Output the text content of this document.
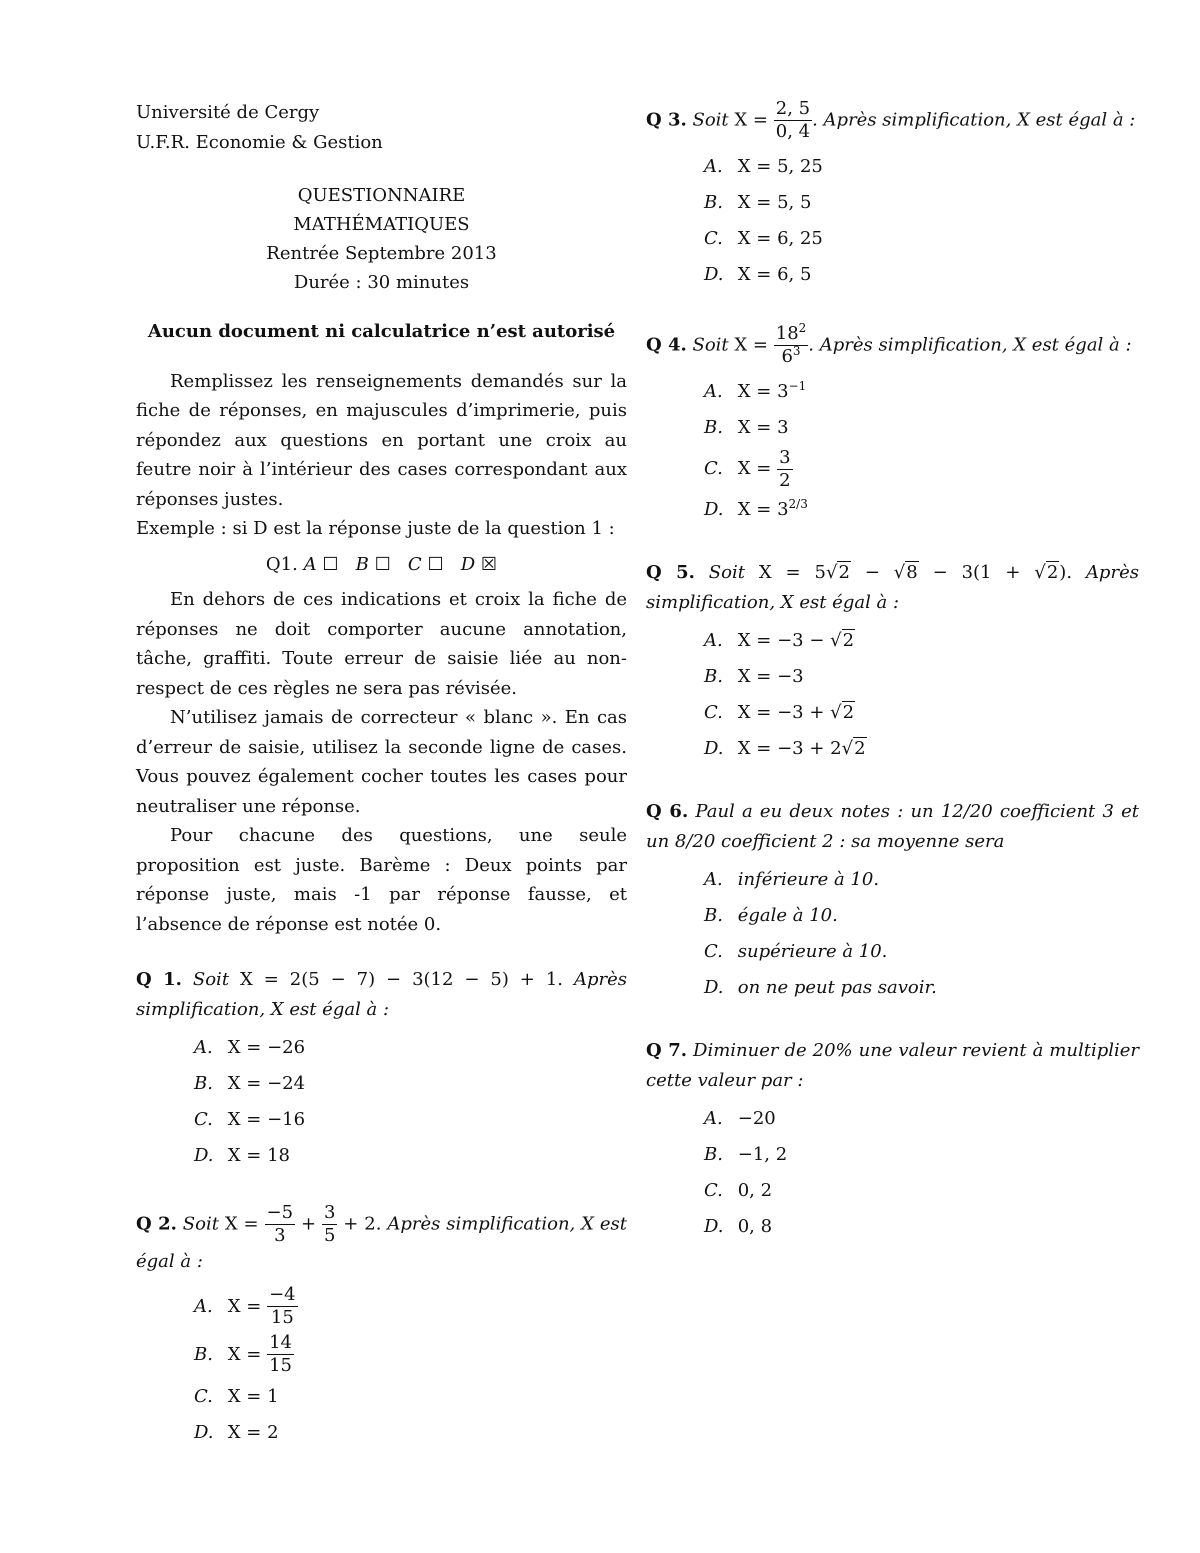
Université de Cergy
U.F.R. Economie & Gestion
QUESTIONNAIRE
MATHÉMATIQUES
Rentrée Septembre 2013
Durée : 30 minutes
Aucun document ni calculatrice n’est autorisé

Remplissez les renseignements demandés sur la fiche de réponses, en majuscules d’imprimerie, puis répondez aux questions en portant une croix au feutre noir à l’intérieur des cases correspondant aux réponses justes.

Exemple : si D est la réponse juste de la question 1 :

Q1. A ☐ B ☐ C ☐ D ☒

En dehors de ces indications et croix la fiche de réponses ne doit comporter aucune annotation, tâche, graffiti. Toute erreur de saisie liée au non-respect de ces règles ne sera pas révisée.

N’utilisez jamais de correcteur « blanc ». En cas d’erreur de saisie, utilisez la seconde ligne de cases. Vous pouvez également cocher toutes les cases pour neutraliser une réponse.

Pour chacune des questions, une seule proposition est juste. Barème : Deux points par réponse juste, mais -1 par réponse fausse, et l’absence de réponse est notée 0.

Q 1. Soit X = 2(5 − 7) − 3(12 − 5) + 1. Après simplification, X est égal à :
A. X = −26
B. X = −24
C. X = −16
D. X = 18
Q 2. Soit $X = \frac{-5}{3} + \frac{3}{5} + 2$. Après simplification, X est égal à :
A. $X = \frac{-4}{15}$
B. $X = \frac{14}{15}$
C. X = 1
D. X = 2
Q 3. Soit $X = \frac{2, 5}{0, 4}$ . Après simplification, X est égal à :
A. X = 5, 25
B. X = 5, 5
C. X = 6, 25
D. X = 6, 5
Q 4. Soit $X = \frac{18^2}{6^3}$ . Après simplification, X est égal à :
A. $X = 3^{-1}$
B. X = 3
C. $X = \frac{3}{2}$
D. $X = 3^{2/3}$
Q 5. Soit X = 5√2 − √8 − 3(1 + √2). Après simplification, X est égal à :
A. X = −3 − √2
B. X = −3
C. X = −3 + √2
D. X = −3 + 2√2
Q 6. Paul a eu deux notes : un 12/20 coefficient 3 et un 8/20 coefficient 2 : sa moyenne sera
A. inférieure à 10.
B. égale à 10.
C. supérieure à 10.
D. on ne peut pas savoir.
Q 7. Diminuer de 20% une valeur revient à multiplier cette valeur par :
A. −20
B. −1, 2
C. 0, 2
D. 0, 8
